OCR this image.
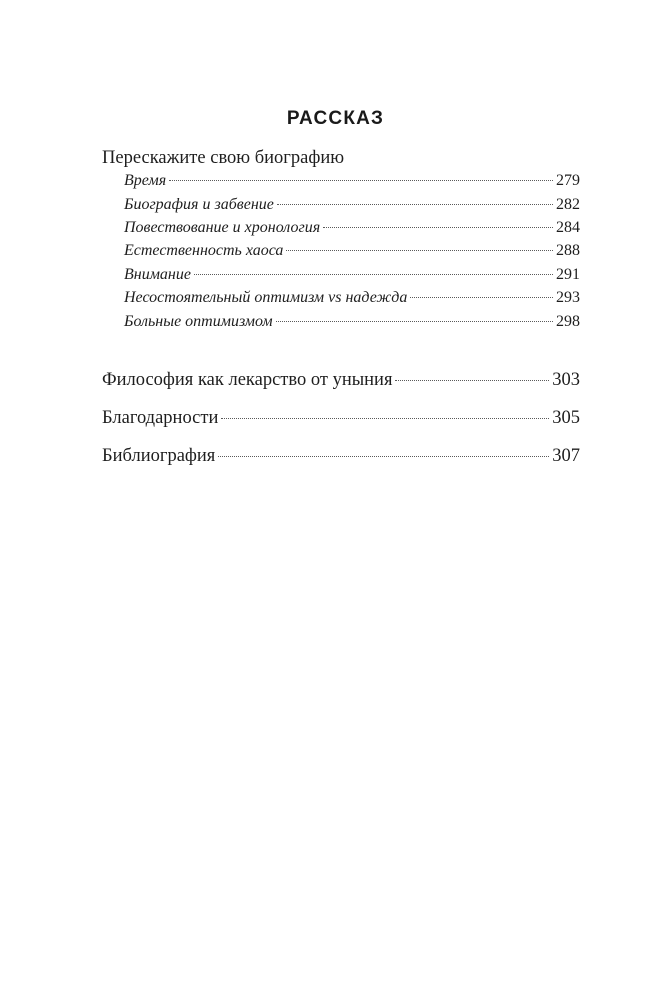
РАССКАЗ
Перескажите свою биографию
Время	279
Биография и забвение	282
Повествование и хронология	284
Естественность хаоса	288
Внимание	291
Несостоятельный оптимизм vs надежда	293
Больные оптимизмом	298
Философия как лекарство от уныния	303
Благодарности	305
Библиография	307
